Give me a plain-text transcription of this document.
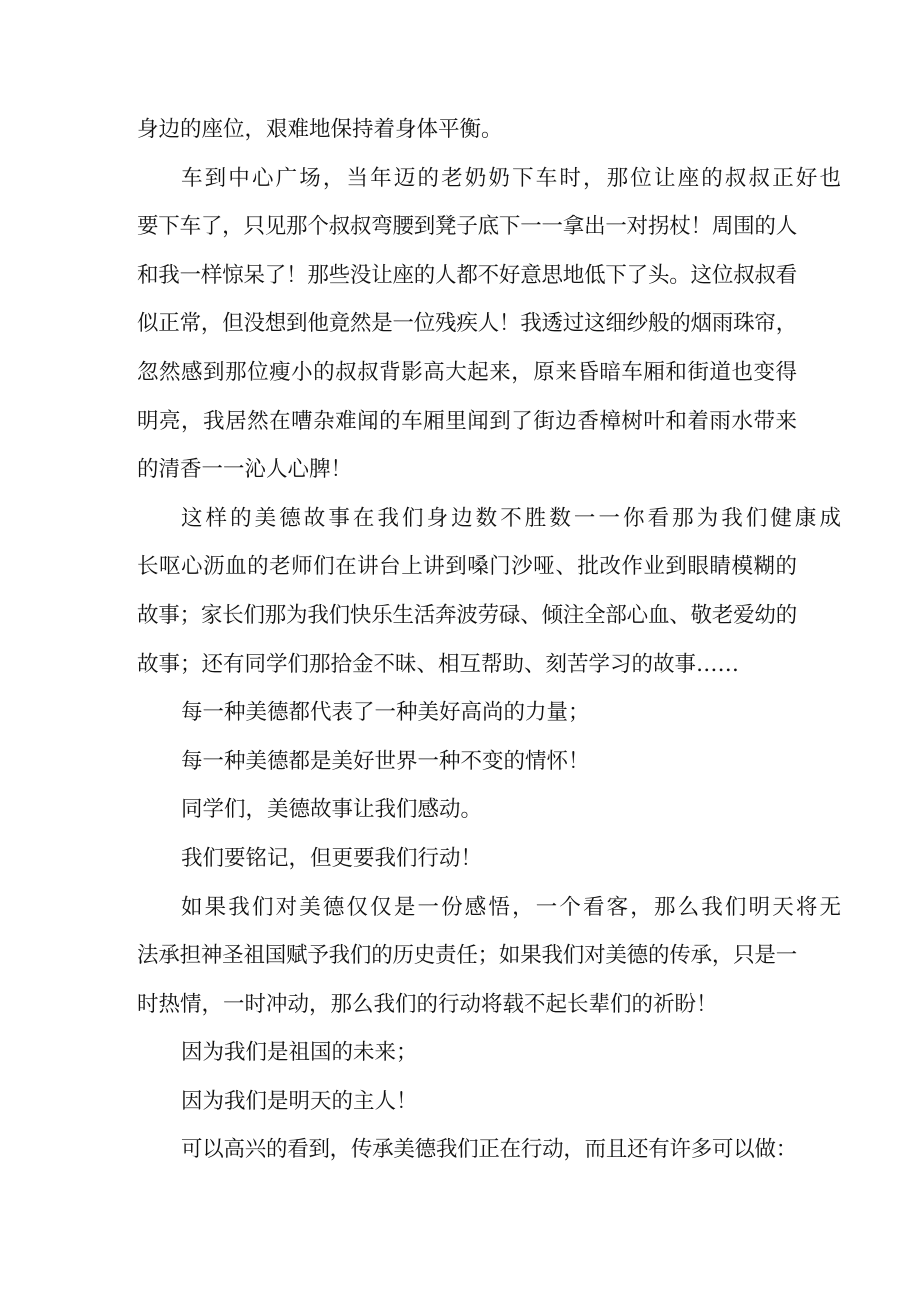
身边的座位，艰难地保持着身体平衡。
车到中心广场，当年迈的老奶奶下车时，那位让座的叔叔正好也
要下车了，只见那个叔叔弯腰到凳子底下一一拿出一对拐杖！周围的人
和我一样惊呆了！那些没让座的人都不好意思地低下了头。这位叔叔看
似正常，但没想到他竟然是一位残疾人！我透过这细纱般的烟雨珠帘，
忽然感到那位瘦小的叔叔背影高大起来，原来昏暗车厢和街道也变得
明亮，我居然在嘈杂难闻的车厢里闻到了街边香樟树叶和着雨水带来
的清香一一沁人心脾！
这样的美德故事在我们身边数不胜数一一你看那为我们健康成
长呕心沥血的老师们在讲台上讲到嗓门沙哑、批改作业到眼睛模糊的
故事；家长们那为我们快乐生活奔波劳碌、倾注全部心血、敬老爱幼的
故事；还有同学们那拾金不昧、相互帮助、刻苦学习的故事……
每一种美德都代表了一种美好高尚的力量；
每一种美德都是美好世界一种不变的情怀！
同学们，美德故事让我们感动。
我们要铭记，但更要我们行动！
如果我们对美德仅仅是一份感悟，一个看客，那么我们明天将无
法承担神圣祖国赋予我们的历史责任；如果我们对美德的传承，只是一
时热情，一时冲动，那么我们的行动将载不起长辈们的祈盼！
因为我们是祖国的未来；
因为我们是明天的主人！
可以高兴的看到，传承美德我们正在行动，而且还有许多可以做：
